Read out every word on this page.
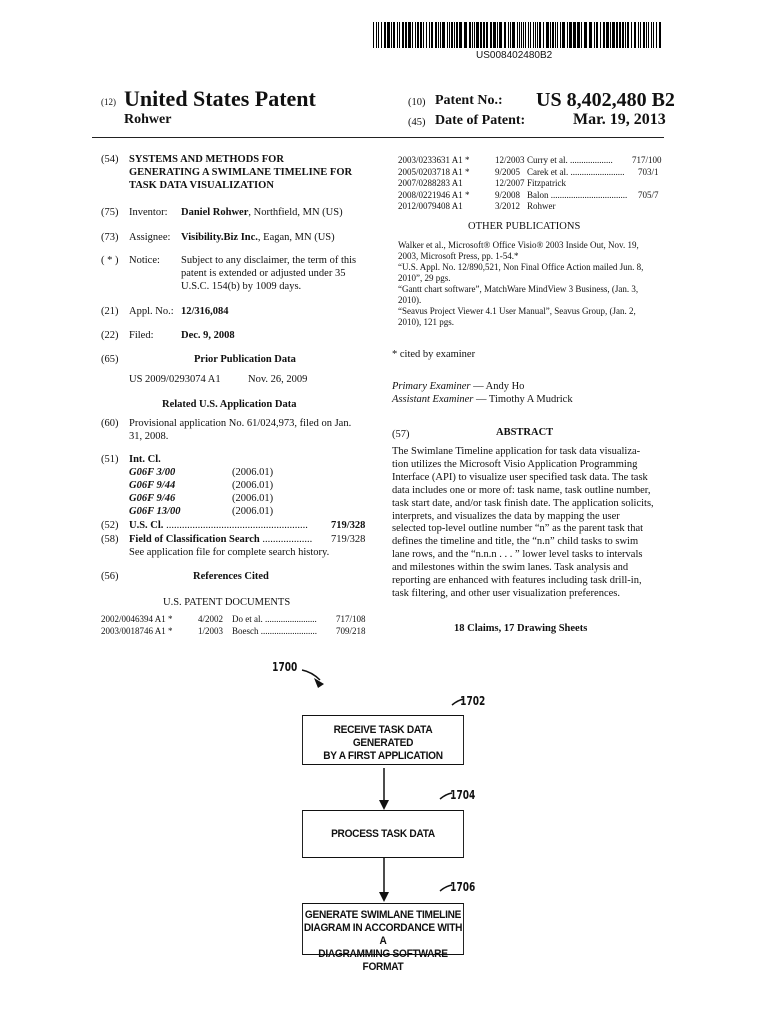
US008402480B2
(12) United States Patent
Rohwer
(10) Patent No.: US 8,402,480 B2
(45) Date of Patent:	Mar. 19, 2013
(54) SYSTEMS AND METHODS FOR
GENERATING A SWIMLANE TIMELINE FOR
TASK DATA VISUALIZATION
(75) Inventor: Daniel Rohwer, Northfield, MN (US)
(73) Assignee: Visibility.Biz Inc., Eagan, MN (US)
( * ) Notice: Subject to any disclaimer, the term of this
patent is extended or adjusted under 35
U.S.C. 154(b) by 1009 days.
(21) Appl. No.: 12/316,084
(22) Filed:	Dec. 9, 2008
(65)	Prior Publication Data
US 2009/0293074 A1	Nov. 26, 2009
Related U.S. Application Data
(60) Provisional application No. 61/024,973, filed on Jan.
31, 2008.
(51) Int. Cl.
G06F 3/00	(2006.01)
G06F 9/44	(2006.01)
G06F 9/46	(2006.01)
G06F 13/00	(2006.01)
(52) U.S. Cl. ...................................................... 719/328
(58) Field of Classification Search ................... 719/328
See application file for complete search history.
(56)	References Cited
U.S. PATENT DOCUMENTS
2002/0046394 A1 *	4/2002 Do et al. ....................... 717/108
2003/0018746 A1 *	1/2003 Boesch ......................... 709/218
2003/0233631 A1 *	12/2003 Curry et al. ................... 717/100
2005/0203718 A1 *	9/2005 Carek et al. ........................ 703/1
2007/0288283 A1	12/2007 Fitzpatrick
2008/0221946 A1 *	9/2008 Balon .................................. 705/7
2012/0079408 A1	3/2012 Rohwer
OTHER PUBLICATIONS
Walker et al., Microsoft® Office Visio® 2003 Inside Out, Nov. 19,
2003, Microsoft Press, pp. 1-54.*
“U.S. Appl. No. 12/890,521, Non Final Office Action mailed Jun. 8,
2010”, 29 pgs.
“Gantt chart software”, MatchWare MindView 3 Business, (Jan. 3,
2010).
“Seavus Project Viewer 4.1 User Manual”, Seavus Group, (Jan. 2,
2010), 121 pgs.
* cited by examiner
Primary Examiner — Andy Ho
Assistant Examiner — Timothy A Mudrick
(57)	ABSTRACT
The Swimlane Timeline application for task data visualiza-
tion utilizes the Microsoft Visio Application Programming
Interface (API) to visualize user specified task data. The task
data includes one or more of: task name, task outline number,
task start date, and/or task finish date. The application solicits,
interprets, and visualizes the data by mapping the user
selected top-level outline number “n” as the parent task that
defines the timeline and title, the “n.n” child tasks to swim
lane rows, and the “n.n.n . . . ” lower level tasks to intervals
and milestones within the swim lanes. Task analysis and
reporting are enhanced with features including task drill-in,
task filtering, and other user visualization preferences.
18 Claims, 17 Drawing Sheets
1700
1702
1704
1706
RECEIVE TASK DATA GENERATED
BY A FIRST APPLICATION
PROCESS TASK DATA
GENERATE SWIMLANE TIMELINE
DIAGRAM IN ACCORDANCE WITH A
DIAGRAMMING SOFTWARE FORMAT
